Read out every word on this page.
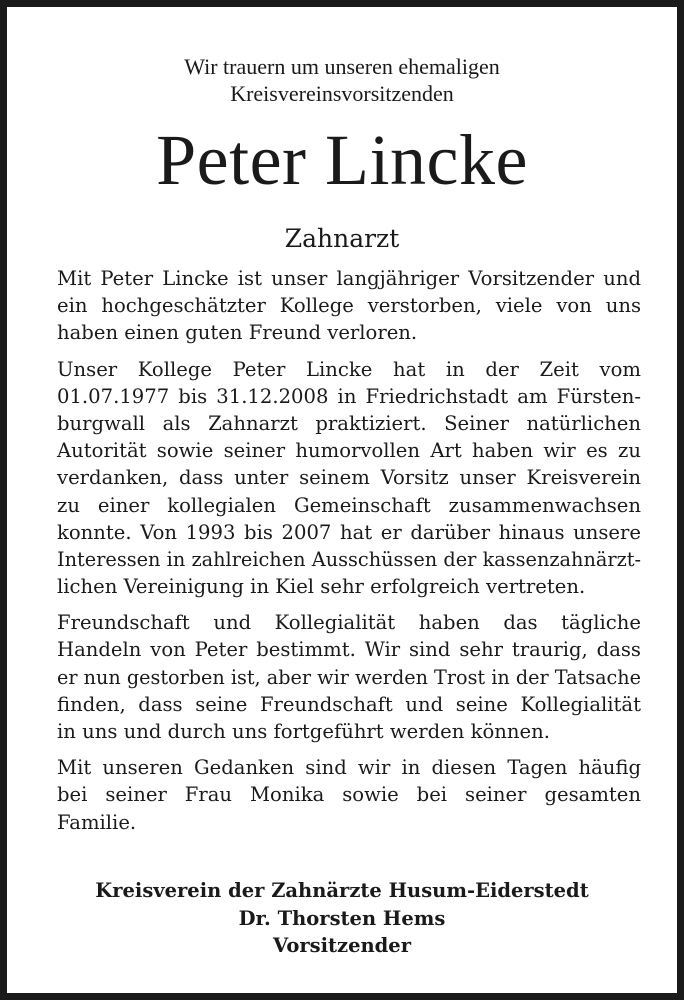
Wir trauern um unseren ehemaligen
Kreisvereinsvorsitzenden
Peter Lincke
Zahnarzt
Mit Peter Lincke ist unser langjähriger Vorsitzender und
ein hochgeschätzter Kollege verstorben, viele von uns
haben einen guten Freund verloren.
Unser Kollege Peter Lincke hat in der Zeit vom
01.07.1977 bis 31.12.2008 in Friedrichstadt am Fürsten-
burgwall als Zahnarzt praktiziert. Seiner natürlichen
Autorität sowie seiner humorvollen Art haben wir es zu
verdanken, dass unter seinem Vorsitz unser Kreisverein
zu einer kollegialen Gemeinschaft zusammenwachsen
konnte. Von 1993 bis 2007 hat er darüber hinaus unsere
Interessen in zahlreichen Ausschüssen der kassenzahnärzt-
lichen Vereinigung in Kiel sehr erfolgreich vertreten.
Freundschaft und Kollegialität haben das tägliche
Handeln von Peter bestimmt. Wir sind sehr traurig, dass
er nun gestorben ist, aber wir werden Trost in der Tatsache
finden, dass seine Freundschaft und seine Kollegialität
in uns und durch uns fortgeführt werden können.
Mit unseren Gedanken sind wir in diesen Tagen häufig
bei seiner Frau Monika sowie bei seiner gesamten
Familie.
Kreisverein der Zahnärzte Husum-Eiderstedt
Dr. Thorsten Hems
Vorsitzender
